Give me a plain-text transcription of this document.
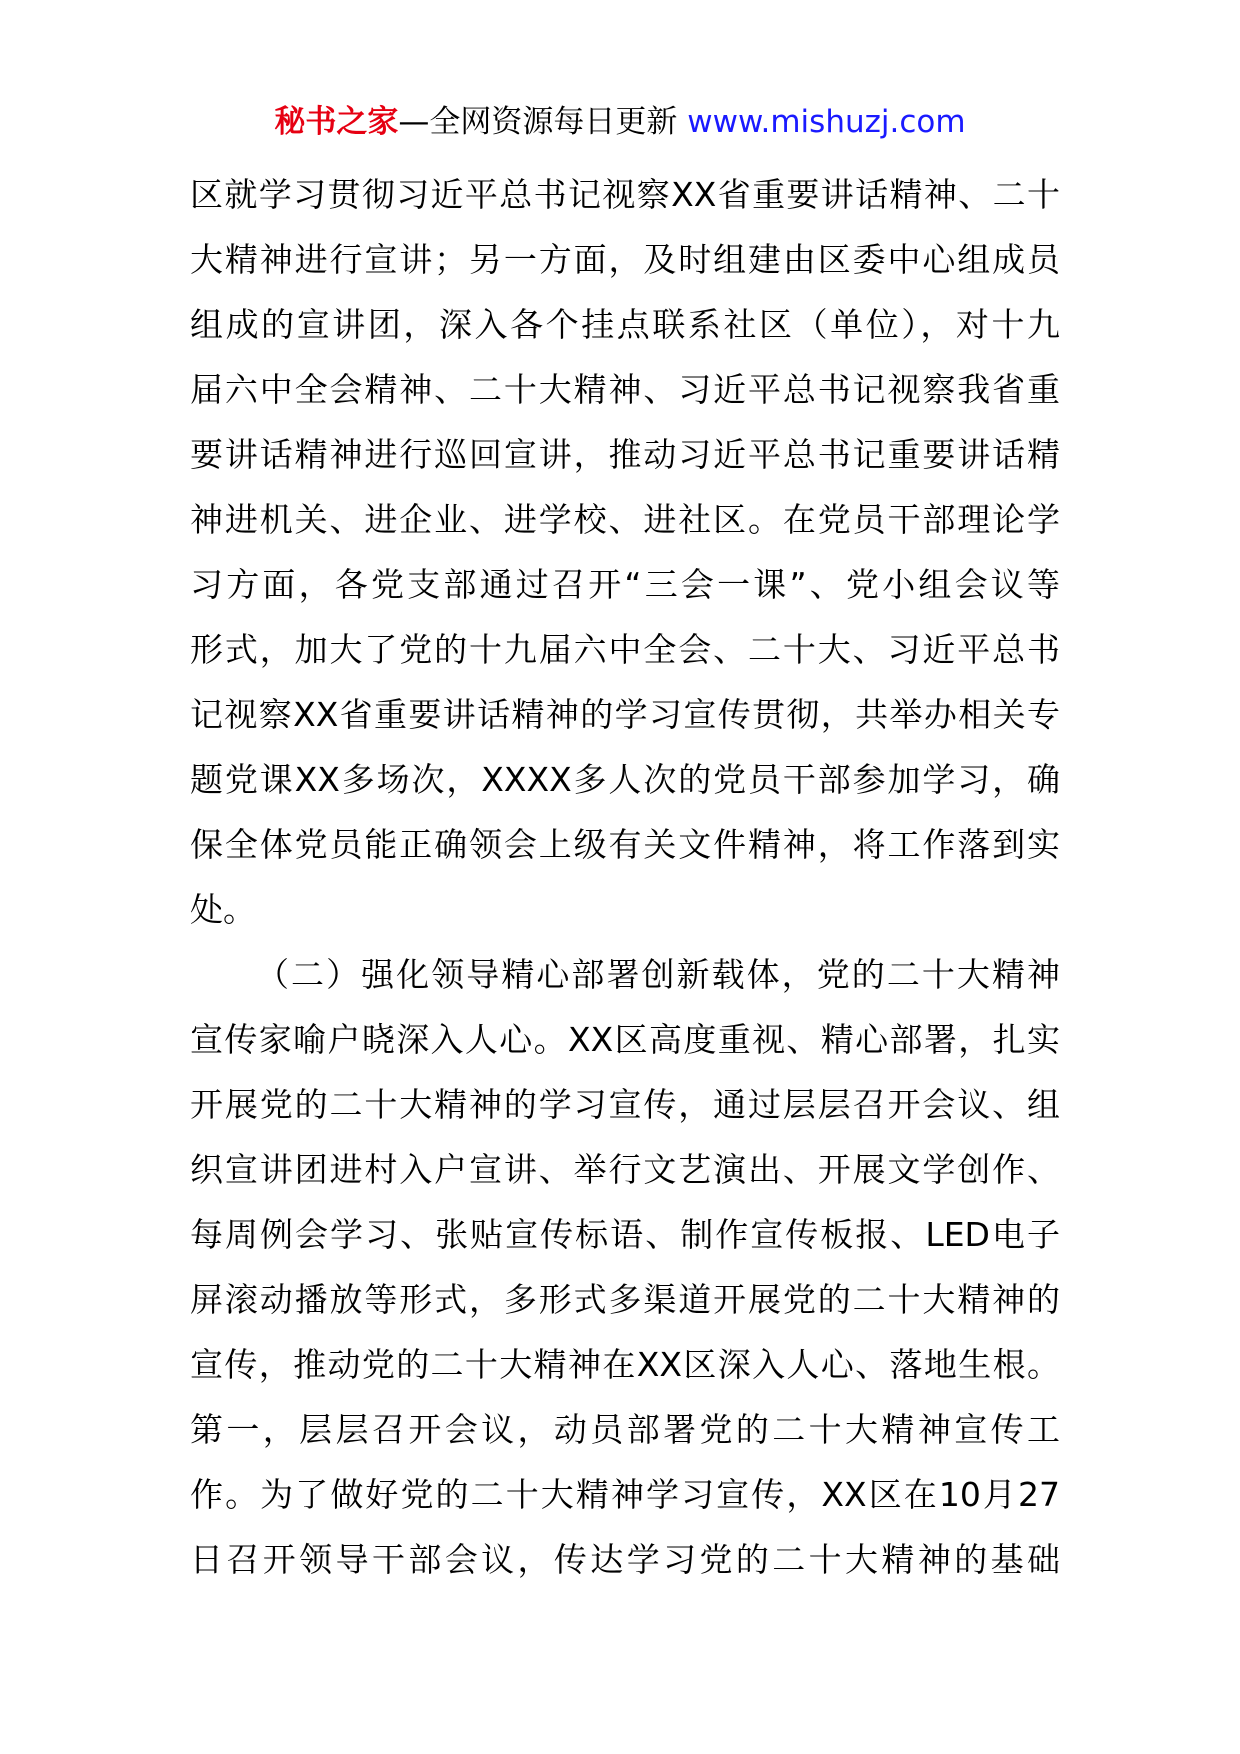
秘书之家—全网资源每日更新 www.mishuzj.com
区就学习贯彻习近平总书记视察XX省重要讲话精神、二十
大精神进行宣讲；另一方面，及时组建由区委中心组成员
组成的宣讲团，深入各个挂点联系社区（单位），对十九
届六中全会精神、二十大精神、习近平总书记视察我省重
要讲话精神进行巡回宣讲，推动习近平总书记重要讲话精
神进机关、进企业、进学校、进社区。在党员干部理论学
习方面，各党支部通过召开“三会一课”、党小组会议等
形式，加大了党的十九届六中全会、二十大、习近平总书
记视察XX省重要讲话精神的学习宣传贯彻，共举办相关专
题党课XX多场次，XXXX多人次的党员干部参加学习，确
保全体党员能正确领会上级有关文件精神，将工作落到实
处。
（二）强化领导精心部署创新载体，党的二十大精神
宣传家喻户晓深入人心。XX区高度重视、精心部署，扎实
开展党的二十大精神的学习宣传，通过层层召开会议、组
织宣讲团进村入户宣讲、举行文艺演出、开展文学创作、
每周例会学习、张贴宣传标语、制作宣传板报、LED电子
屏滚动播放等形式，多形式多渠道开展党的二十大精神的
宣传，推动党的二十大精神在XX区深入人心、落地生根。
第一，层层召开会议，动员部署党的二十大精神宣传工
作。为了做好党的二十大精神学习宣传，XX区在10月27
日召开领导干部会议，传达学习党的二十大精神的基础
